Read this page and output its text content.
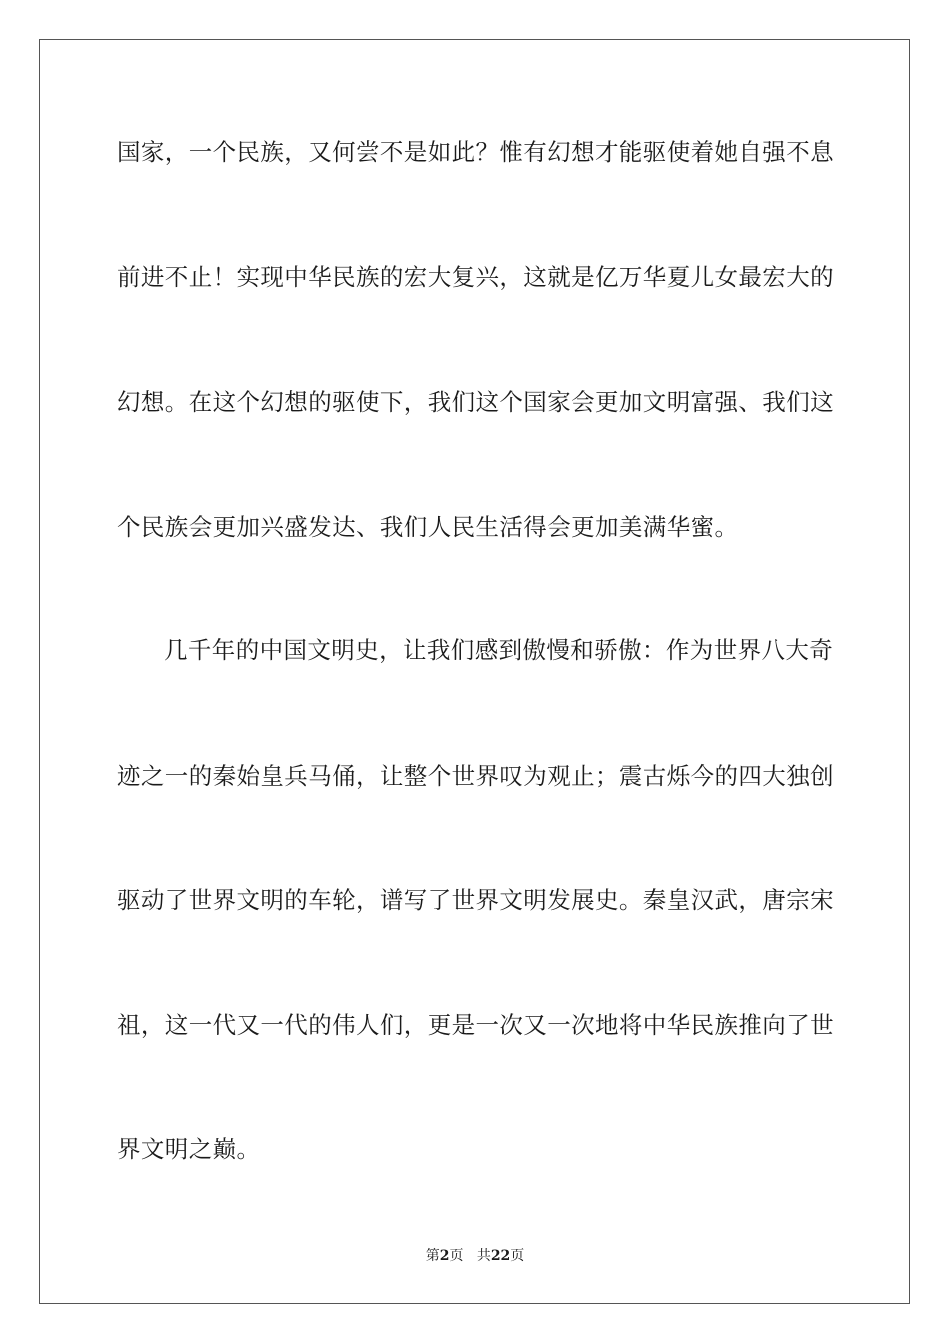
国家，一个民族，又何尝不是如此？惟有幻想才能驱使着她自强不息
前进不止！实现中华民族的宏大复兴，这就是亿万华夏儿女最宏大的
幻想。在这个幻想的驱使下，我们这个国家会更加文明富强、我们这
个民族会更加兴盛发达、我们人民生活得会更加美满华蜜。
几千年的中国文明史，让我们感到傲慢和骄傲：作为世界八大奇
迹之一的秦始皇兵马俑，让整个世界叹为观止；震古烁今的四大独创
驱动了世界文明的车轮，谱写了世界文明发展史。秦皇汉武，唐宗宋
祖，这一代又一代的伟人们，更是一次又一次地将中华民族推向了世
界文明之巅。
第2页 共22页
